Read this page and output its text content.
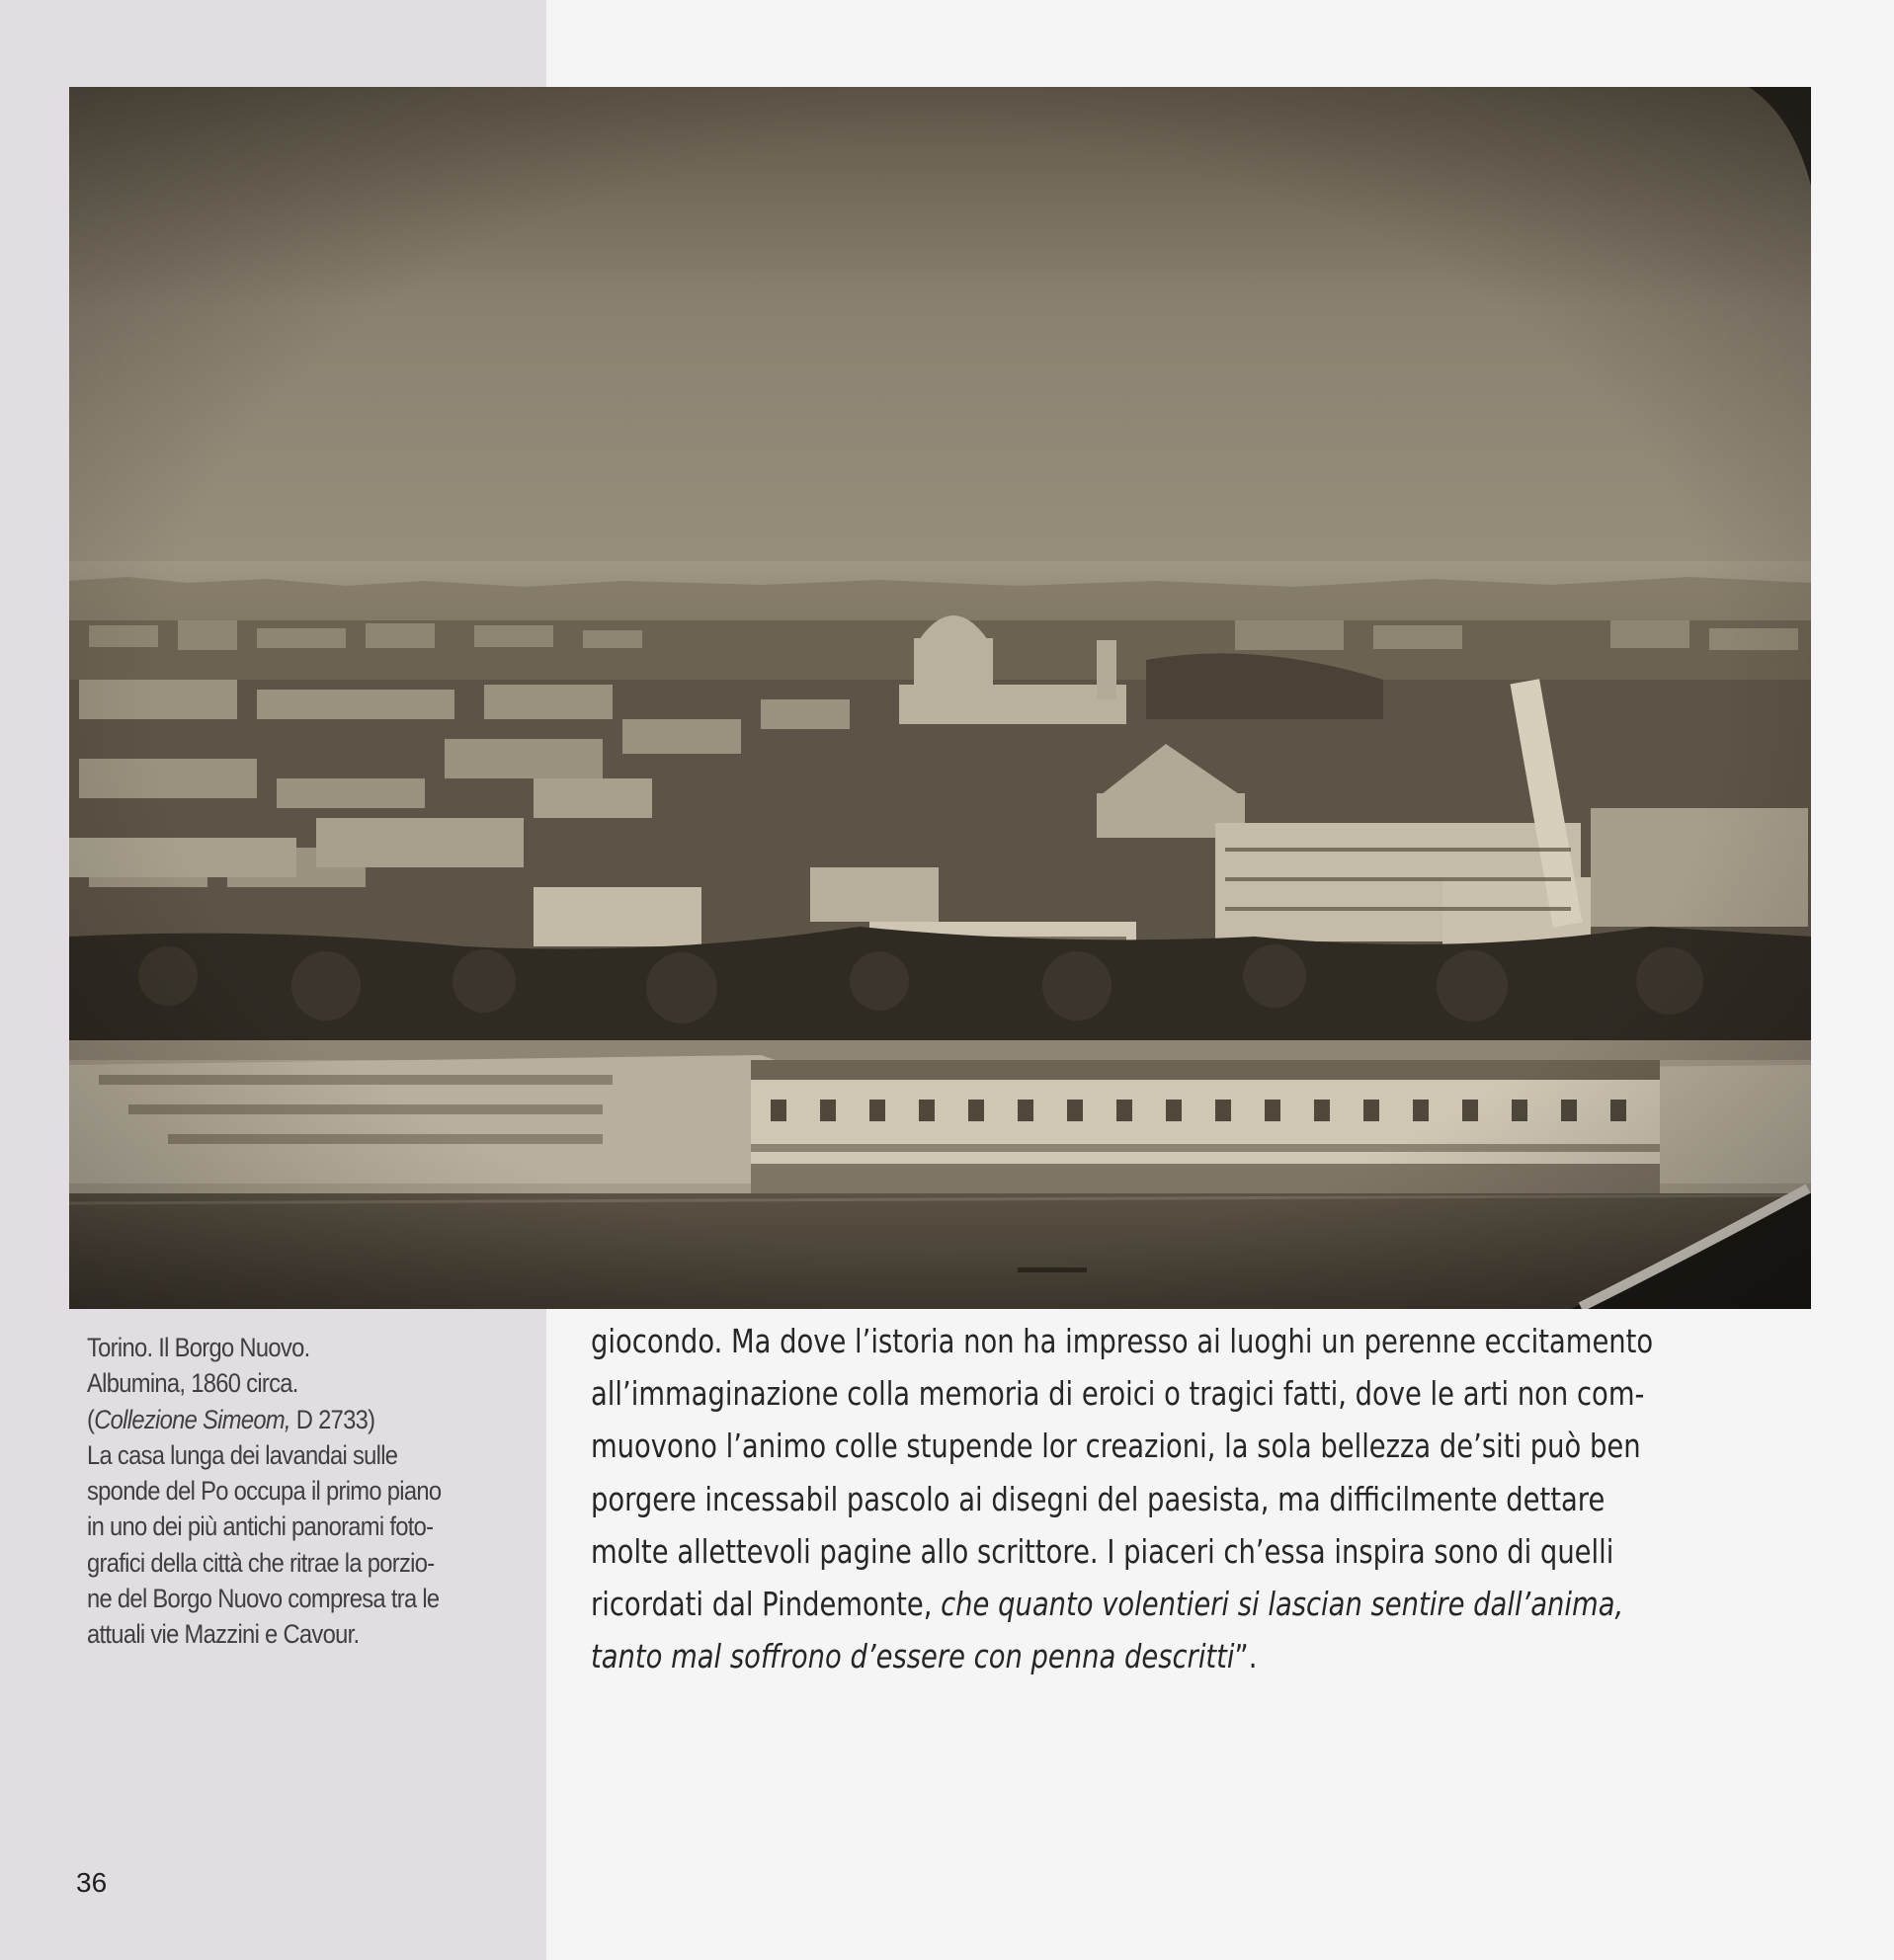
Torino. Il Borgo Nuovo.
Albumina, 1860 circa.
(Collezione Simeom, D 2733)
La casa lunga dei lavandai sulle
sponde del Po occupa il primo piano
in uno dei più antichi panorami foto-
grafici della città che ritrae la porzio-
ne del Borgo Nuovo compresa tra le
attuali vie Mazzini e Cavour.
giocondo. Ma dove l’istoria non ha impresso ai luoghi un perenne eccitamento
all’immaginazione colla memoria di eroici o tragici fatti, dove le arti non com-
muovono l’animo colle stupende lor creazioni, la sola bellezza de’siti può ben
porgere incessabil pascolo ai disegni del paesista, ma difficilmente dettare
molte allettevoli pagine allo scrittore. I piaceri ch’essa inspira sono di quelli
ricordati dal Pindemonte, che quanto volentieri si lascian sentire dall’anima,
tanto mal soffrono d’essere con penna descritti”.
36
